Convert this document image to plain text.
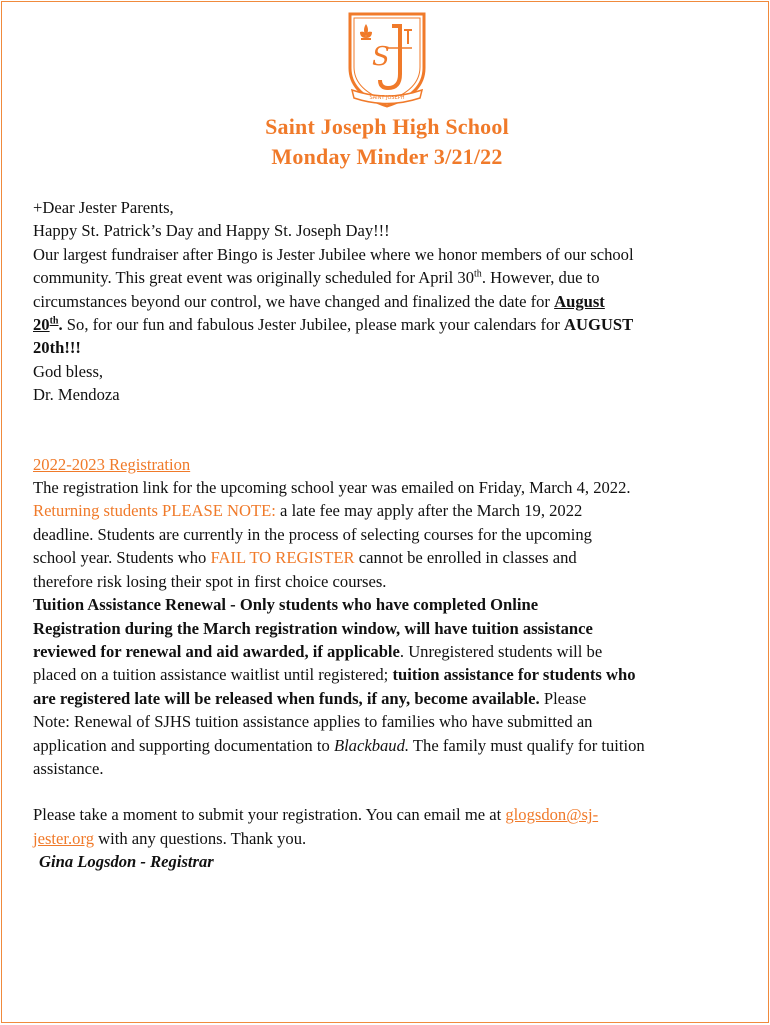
S
SAINT JOSEPH
Saint Joseph High School
Monday Minder 3/21/22
+Dear Jester Parents,
Happy St. Patrick’s Day and Happy St. Joseph Day!!!
Our largest fundraiser after Bingo is Jester Jubilee where we honor members of our school
community. This great event was originally scheduled for April 30th. However, due to
circumstances beyond our control, we have changed and finalized the date for August
20th. So, for our fun and fabulous Jester Jubilee, please mark your calendars for AUGUST
20th!!!
God bless,
Dr. Mendoza
2022-2023 Registration
The registration link for the upcoming school year was emailed on Friday, March 4, 2022.
Returning students PLEASE NOTE: a late fee may apply after the March 19, 2022
deadline. Students are currently in the process of selecting courses for the upcoming
school year. Students who FAIL TO REGISTER cannot be enrolled in classes and
therefore risk losing their spot in first choice courses.
Tuition Assistance Renewal - Only students who have completed Online
Registration during the March registration window, will have tuition assistance
reviewed for renewal and aid awarded, if applicable. Unregistered students will be
placed on a tuition assistance waitlist until registered; tuition assistance for students who
are registered late will be released when funds, if any, become available. Please
Note: Renewal of SJHS tuition assistance applies to families who have submitted an
application and supporting documentation to Blackbaud. The family must qualify for tuition
assistance.
Please take a moment to submit your registration. You can email me at glogsdon@sj-
jester.org with any questions. Thank you.
Gina Logsdon - Registrar
